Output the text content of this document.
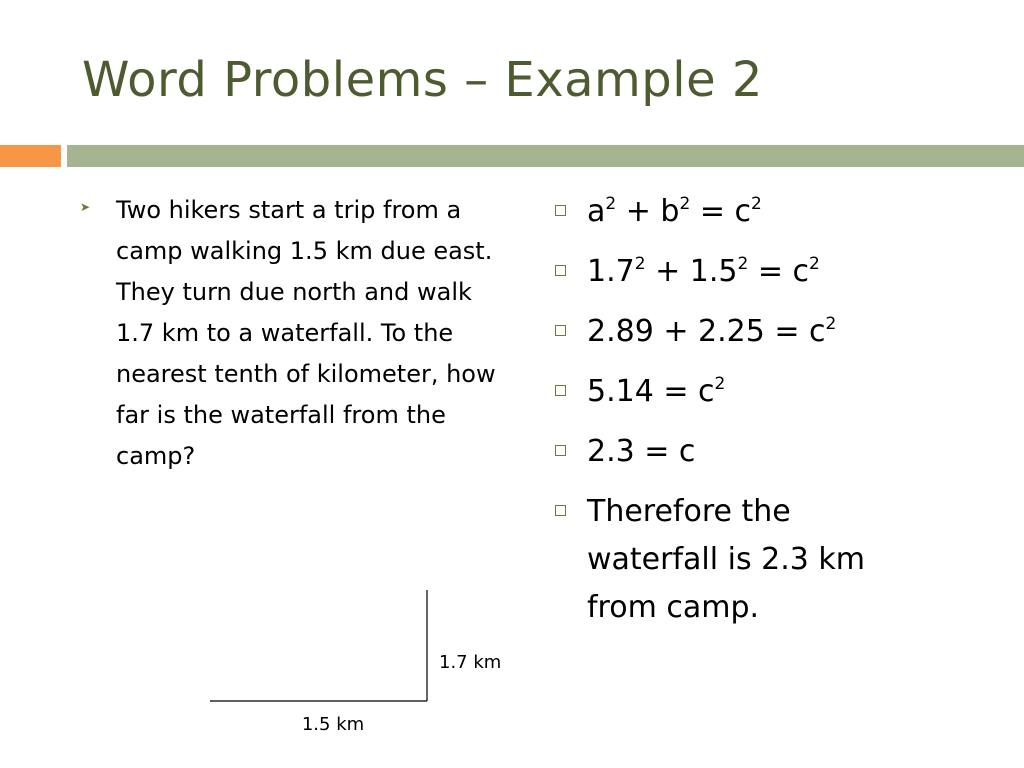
Word Problems – Example 2
➤ Two hikers start a trip from a camp walking 1.5 km due east. They turn due north and walk 1.7 km to a waterfall. To the nearest tenth of kilometer, how far is the waterfall from the camp?

$a^2 + b^2 = c^2$
$1.7^2 + 1.5^2 = c^2$
$2.89 + 2.25 = c^2$
$5.14 = c^2$
2.3 = c
Therefore the waterfall is 2.3 km from camp.
1.5 km
1.7 km
